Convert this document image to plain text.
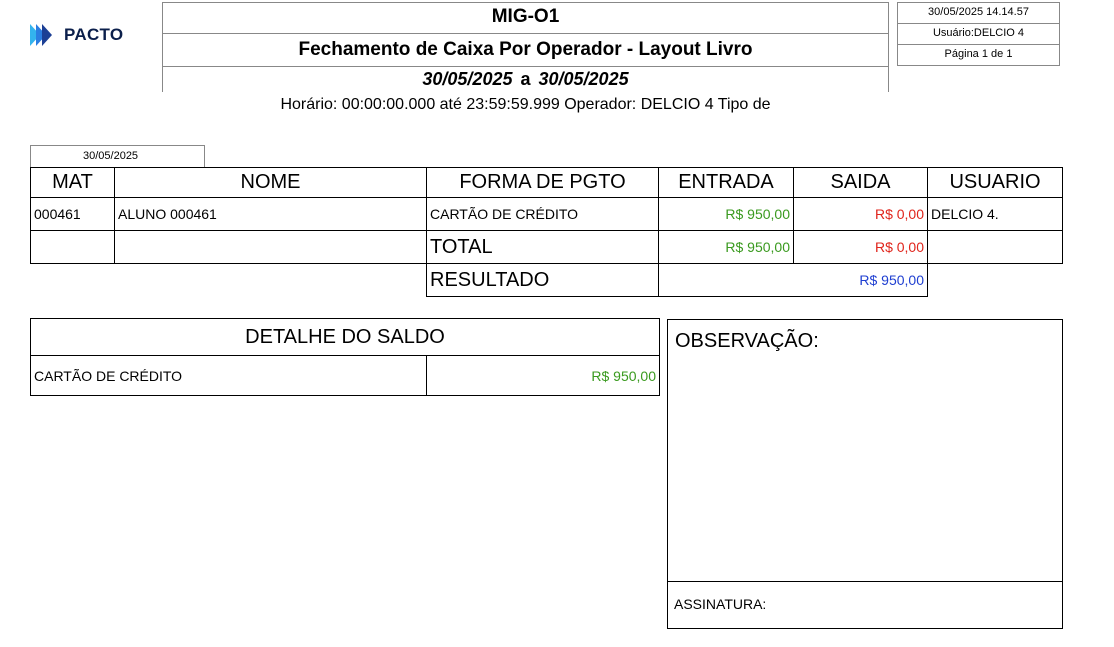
PACTO
MIG-O1
Fechamento de Caixa Por Operador - Layout Livro
30/05/2025 a 30/05/2025
Horário: 00:00:00.000 até 23:59:59.999 Operador: DELCIO 4 Tipo de
30/05/2025 14.14.57
Usuário:DELCIO 4
Página 1 de 1
30/05/2025
MAT	NOME	FORMA DE PGTO	ENTRADA	SAIDA	USUARIO
000461	ALUNO 000461	CARTÃO DE CRÉDITO	R$ 950,00	R$ 0,00	DELCIO 4.
		TOTAL	R$ 950,00	R$ 0,00	
		RESULTADO	R$ 950,00		
DETALHE DO SALDO
CARTÃO DE CRÉDITO	R$ 950,00
OBSERVAÇÃO:
ASSINATURA:
